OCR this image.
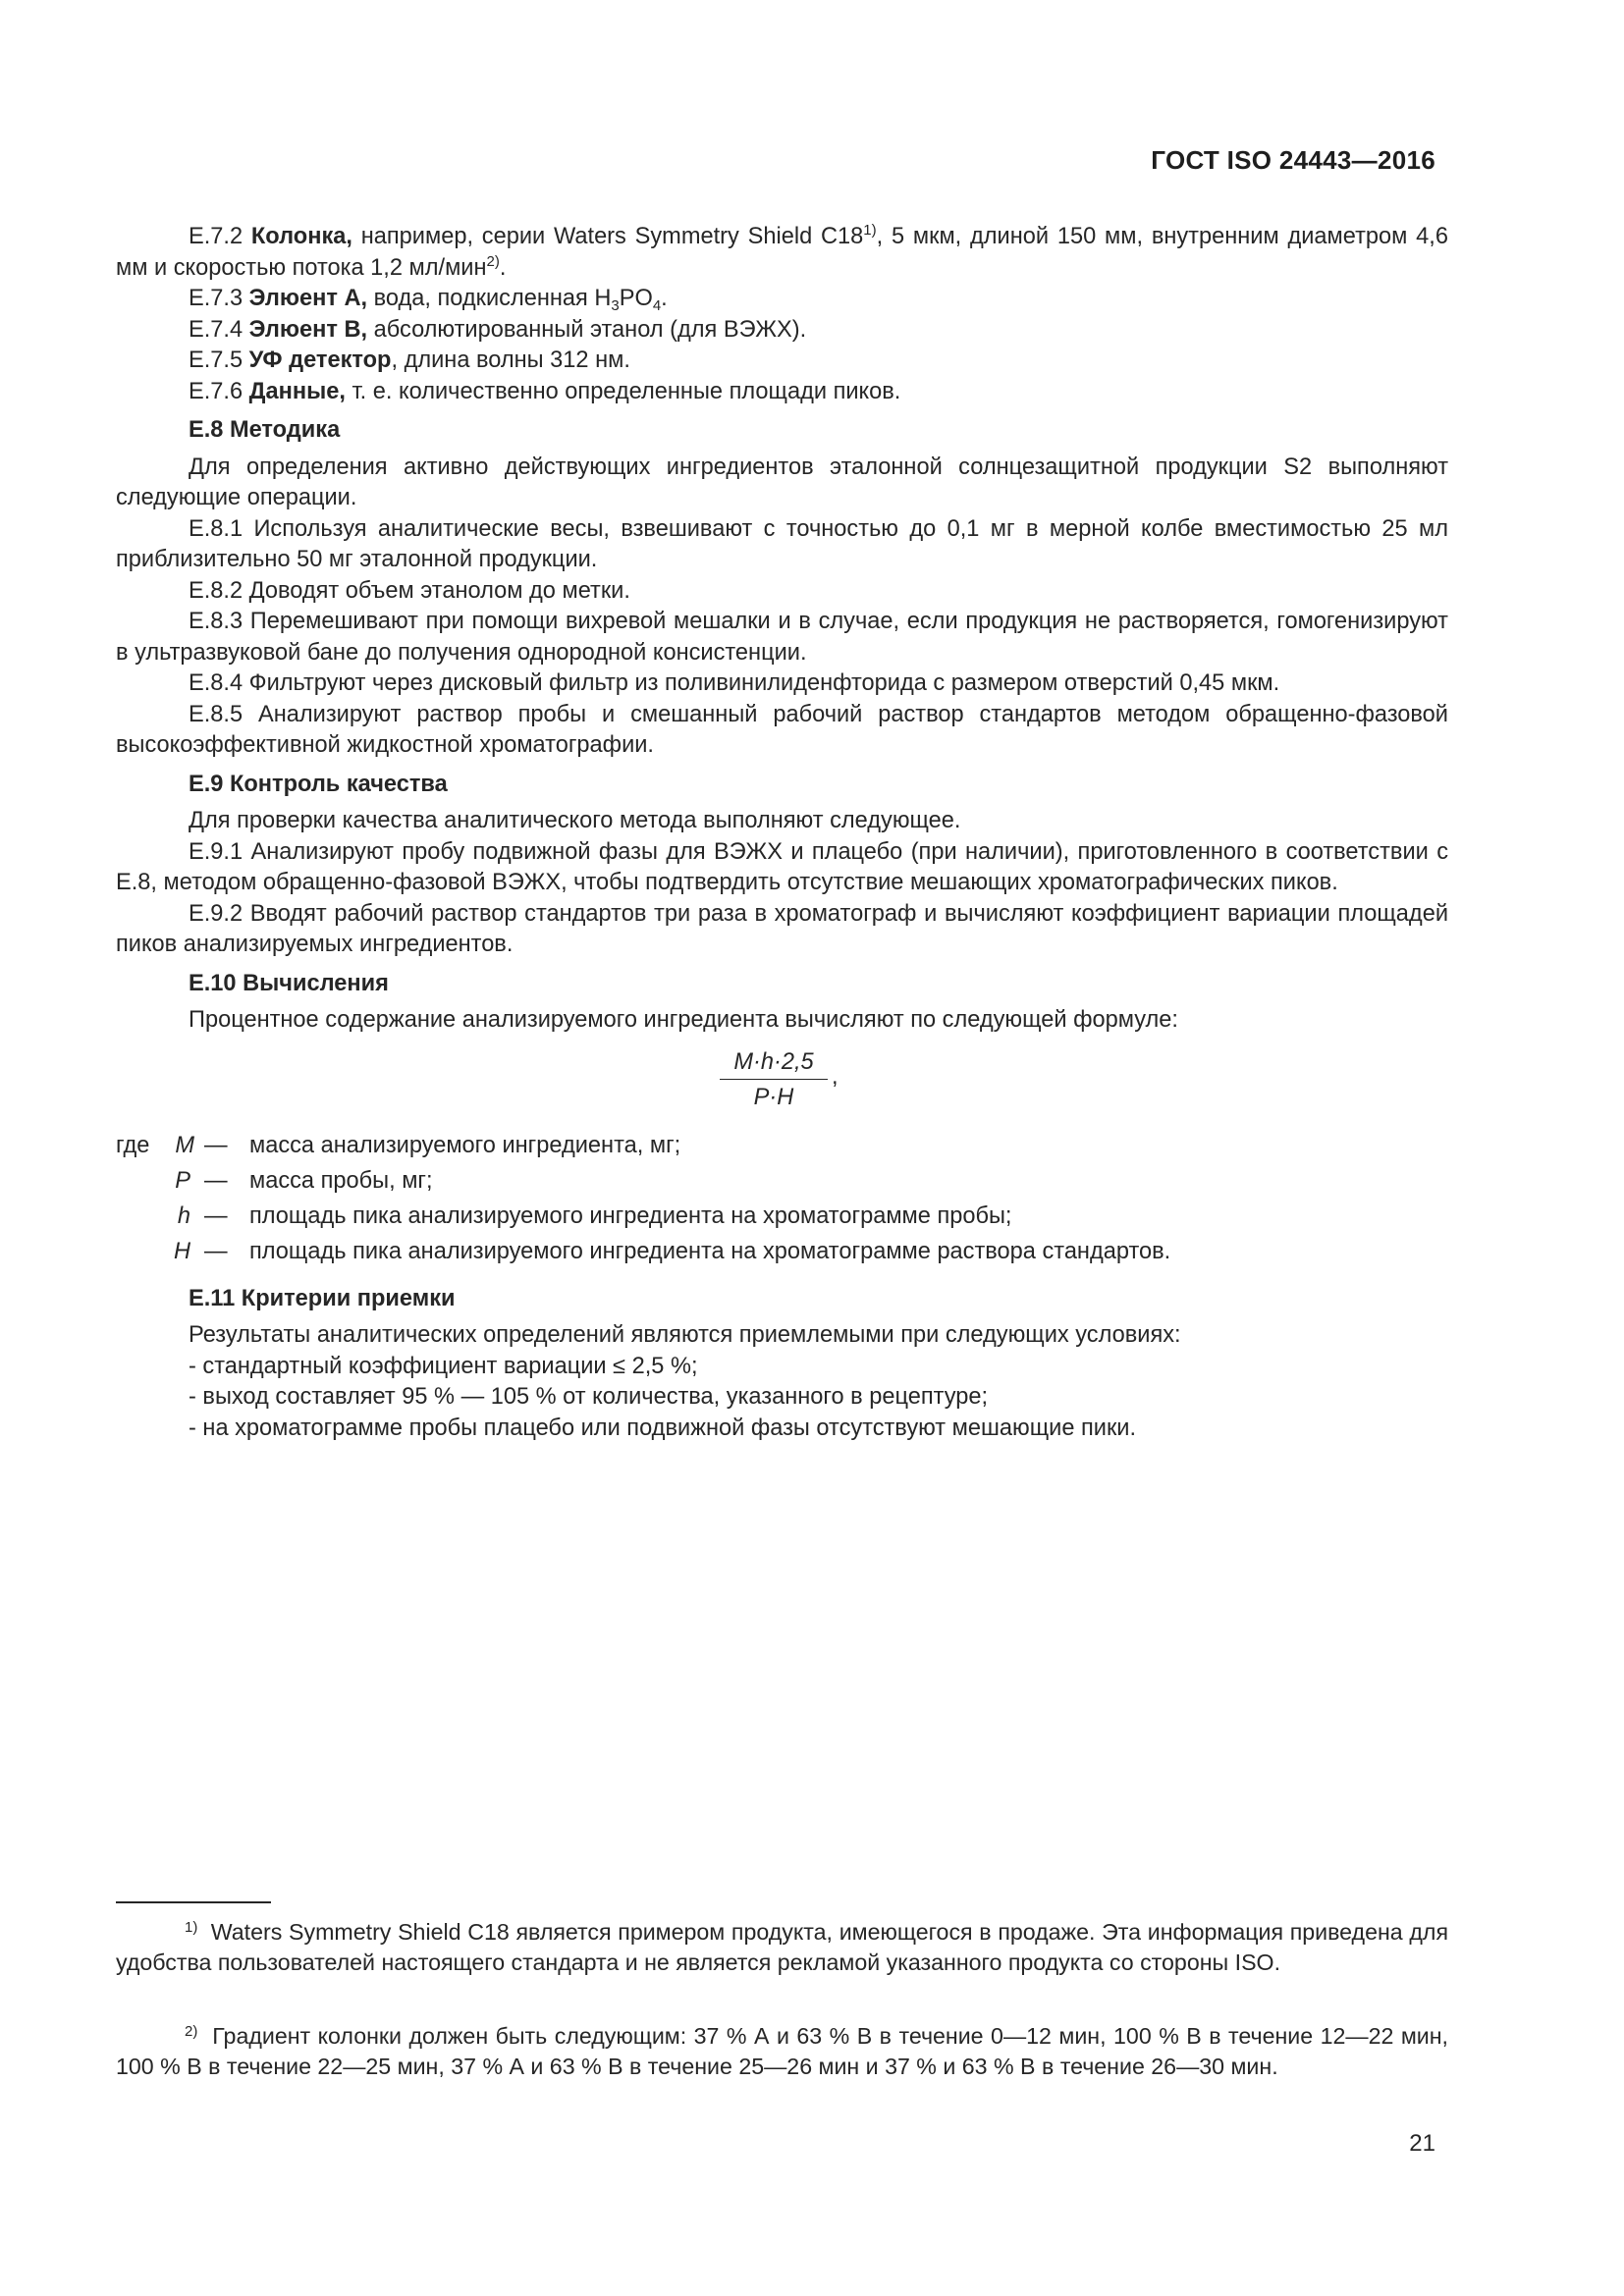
ГОСТ ISO 24443—2016

Е.7.2 Колонка, например, серии Waters Symmetry Shield C18$^{1)}$, 5 мкм, длиной 150 мм, внутренним диаметром 4,6 мм и скоростью потока 1,2 мл/мин$^{2)}$.

Е.7.3 Элюент А, вода, подкисленная $H_3PO_4$.

Е.7.4 Элюент В, абсолютированный этанол (для ВЭЖХ).

Е.7.5 УФ детектор, длина волны 312 нм.

Е.7.6 Данные, т. е. количественно определенные площади пиков.

Е.8 Методика

Для определения активно действующих ингредиентов эталонной солнцезащитной продукции S2 выполняют следующие операции.

Е.8.1 Используя аналитические весы, взвешивают с точностью до 0,1 мг в мерной колбе вместимостью 25 мл приблизительно 50 мг эталонной продукции.

Е.8.2 Доводят объем этанолом до метки.

Е.8.3 Перемешивают при помощи вихревой мешалки и в случае, если продукция не растворяется, гомогенизируют в ультразвуковой бане до получения однородной консистенции.

Е.8.4 Фильтруют через дисковый фильтр из поливинилиденфторида с размером отверстий 0,45 мкм.

Е.8.5 Анализируют раствор пробы и смешанный рабочий раствор стандартов методом обращенно-фазовой высокоэффективной жидкостной хроматографии.

Е.9 Контроль качества

Для проверки качества аналитического метода выполняют следующее.

Е.9.1 Анализируют пробу подвижной фазы для ВЭЖХ и плацебо (при наличии), приготовленного в соответствии с Е.8, методом обращенно-фазовой ВЭЖХ, чтобы подтвердить отсутствие мешающих хроматографических пиков.

Е.9.2 Вводят рабочий раствор стандартов три раза в хроматограф и вычисляют коэффициент вариации площадей пиков анализируемых ингредиентов.

Е.10 Вычисления

Процентное содержание анализируемого ингредиента вычисляют по следующей формуле:

M·h·2,5
P·H
,
где	M — масса анализируемого ингредиента, мг;
P — масса пробы, мг;
h — площадь пика анализируемого ингредиента на хроматограмме пробы;
H — площадь пика анализируемого ингредиента на хроматограмме раствора стандартов.
Е.11 Критерии приемки

Результаты аналитических определений являются приемлемыми при следующих условиях:

- стандартный коэффициент вариации ≤ 2,5 %;

- выход составляет 95 % — 105 % от количества, указанного в рецептуре;

- на хроматограмме пробы плацебо или подвижной фазы отсутствуют мешающие пики.

$^{1)}$ Waters Symmetry Shield C18 является примером продукта, имеющегося в продаже. Эта информация приведена для удобства пользователей настоящего стандарта и не является рекламой указанного продукта со стороны ISO.

$^{2)}$ Градиент колонки должен быть следующим: 37 % А и 63 % В в течение 0—12 мин, 100 % В в течение 12—22 мин, 100 % В в течение 22—25 мин, 37 % А и 63 % В в течение 25—26 мин и 37 % и 63 % В в течение 26—30 мин.

21
